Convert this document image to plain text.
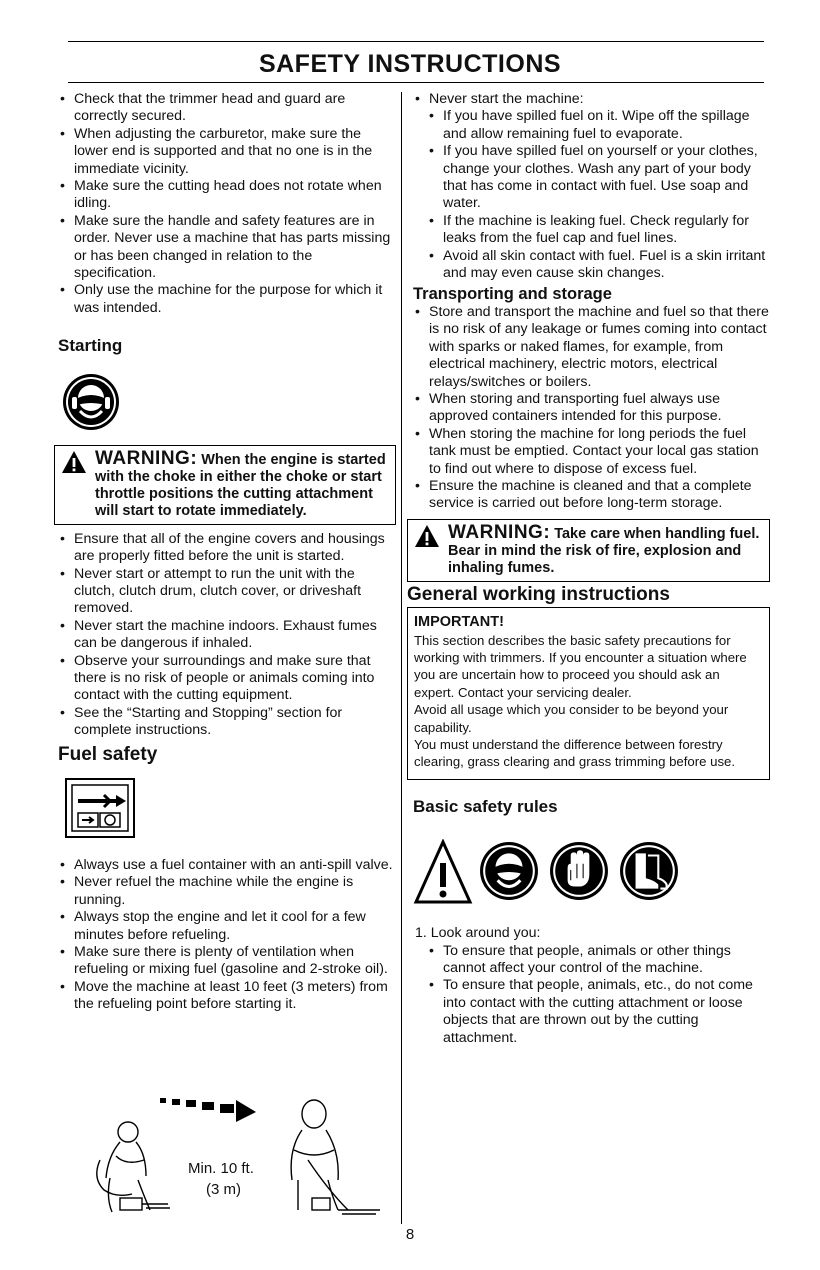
SAFETY INSTRUCTIONS
• Check that the trimmer head and guard are correctly secured.
• When adjusting the carburetor, make sure the lower end is supported and that no one is in the immediate vicinity.
• Make sure the cutting head does not rotate when idling.
• Make sure the handle and safety features are in order. Never use a machine that has parts missing or has been changed in relation to the specification.
• Only use the machine for the purpose for which it was intended.
Starting
WARNING: When the engine is started with the choke in either the choke or start throttle positions the cutting attachment will start to rotate immediately.
• Ensure that all of the engine covers and housings are properly fitted before the unit is started.
• Never start or attempt to run the unit with the clutch, clutch drum, clutch cover, or driveshaft removed.
• Never start the machine indoors. Exhaust fumes can be dangerous if inhaled.
• Observe your surroundings and make sure that there is no risk of people or animals coming into contact with the cutting equipment.
• See the “Starting and Stopping” section for complete instructions.
Fuel safety
• Always use a fuel container with an anti-spill valve.
• Never refuel the machine while the engine is running.
• Always stop the engine and let it cool for a few minutes before refueling.
• Make sure there is plenty of ventilation when refueling or mixing fuel (gasoline and 2-stroke oil).
• Move the machine at least 10 feet (3 meters) from the refueling point before starting it.
Min. 10 ft.
(3 m)
• Never start the machine:
• If you have spilled fuel on it. Wipe off the spillage and allow remaining fuel to evaporate.
• If you have spilled fuel on yourself or your clothes, change your clothes. Wash any part of your body that has come in contact with fuel. Use soap and water.
• If the machine is leaking fuel. Check regularly for leaks from the fuel cap and fuel lines.
• Avoid all skin contact with fuel. Fuel is a skin irritant and may even cause skin changes.
Transporting and storage
• Store and transport the machine and fuel so that there is no risk of any leakage or fumes coming into contact with sparks or naked flames, for example, from electrical machinery, electric motors, electrical relays/switches or boilers.
• When storing and transporting fuel always use approved containers intended for this purpose.
• When storing the machine for long periods the fuel tank must be emptied. Contact your local gas station to find out where to dispose of excess fuel.
• Ensure the machine is cleaned and that a complete service is carried out before long-term storage.
WARNING: Take care when handling fuel. Bear in mind the risk of fire, explosion and inhaling fumes.
General working instructions
IMPORTANT!
This section describes the basic safety precautions for working with trimmers. If you encounter a situation where you are uncertain how to proceed you should ask an expert. Contact your servicing dealer.
Avoid all usage which you consider to be beyond your capability.
You must understand the difference between forestry clearing, grass clearing and grass trimming before use.
Basic safety rules
1. Look around you:
• To ensure that people, animals or other things cannot affect your control of the machine.
• To ensure that people, animals, etc., do not come into contact with the cutting attachment or loose objects that are thrown out by the cutting attachment.
8
